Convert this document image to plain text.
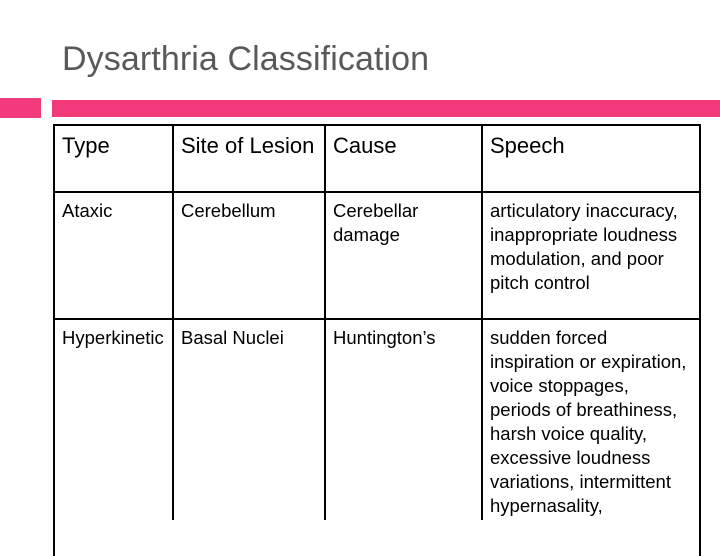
Dysarthria Classification
Type	Site of Lesion	Cause	Speech
Ataxic	Cerebellum	Cerebellar damage	articulatory inaccuracy, inappropriate loudness modulation, and poor pitch control
Hyperkinetic	Basal Nuclei	Huntington’s	sudden forced inspiration or expiration, voice stoppages, periods of breathiness, harsh voice quality, excessive loudness variations, intermittent hypernasality,
